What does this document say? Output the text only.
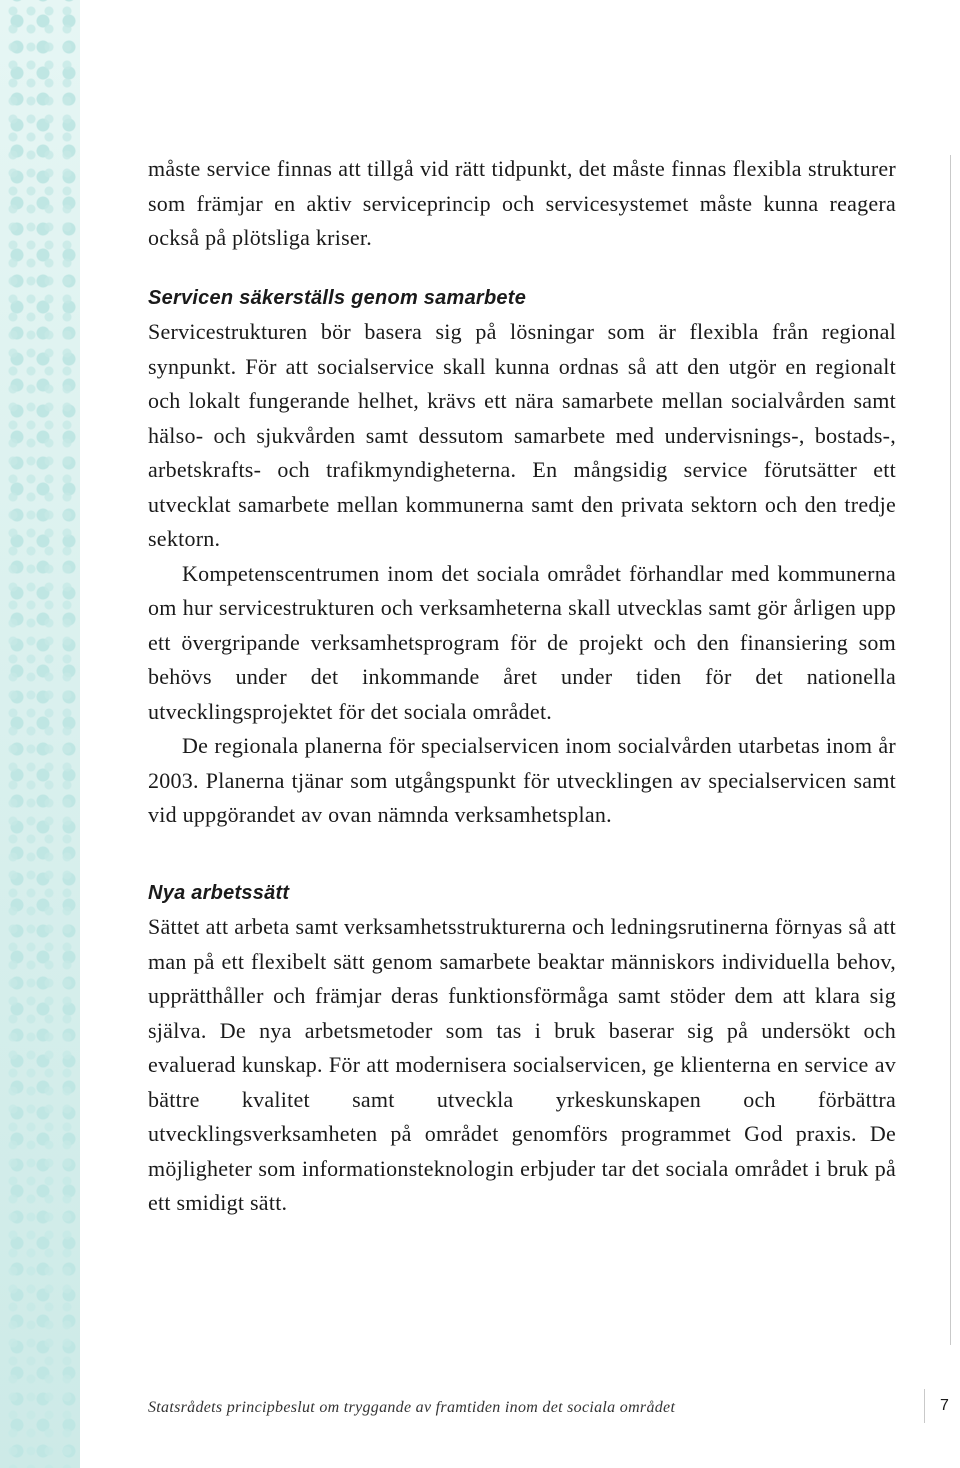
måste service finnas att tillgå vid rätt tidpunkt, det måste finnas flexibla strukturer som främjar en aktiv serviceprincip och servicesystemet måste kunna reagera också på plötsliga kriser.

Servicen säkerställs genom samarbete

Servicestrukturen bör basera sig på lösningar som är flexibla från regional synpunkt. För att socialservice skall kunna ordnas så att den utgör en regionalt och lokalt fungerande helhet, krävs ett nära samarbete mellan socialvården samt hälso- och sjukvården samt dessutom samarbete med undervisnings-, bostads-, arbetskrafts- och trafikmyndigheterna. En mångsidig service förutsätter ett utvecklat samarbete mellan kommunerna samt den privata sektorn och den tredje sektorn.

Kompetenscentrumen inom det sociala området förhandlar med kommunerna om hur servicestrukturen och verksamheterna skall utvecklas samt gör årligen upp ett övergripande verksamhetsprogram för de projekt och den finansiering som behövs under det inkommande året under tiden för det nationella utvecklingsprojektet för det sociala området.

De regionala planerna för specialservicen inom socialvården utarbetas inom år 2003. Planerna tjänar som utgångspunkt för utvecklingen av specialservicen samt vid uppgörandet av ovan nämnda verksamhetsplan.

Nya arbetssätt

Sättet att arbeta samt verksamhetsstrukturerna och ledningsrutinerna förnyas så att man på ett flexibelt sätt genom samarbete beaktar människors individuella behov, upprätthåller och främjar deras funktionsförmåga samt stöder dem att klara sig själva. De nya arbetsmetoder som tas i bruk baserar sig på undersökt och evaluerad kunskap. För att modernisera socialservicen, ge klienterna en service av bättre kvalitet samt utveckla yrkeskunskapen och förbättra utvecklingsverksamheten på området genomförs programmet God praxis. De möjligheter som informationsteknologin erbjuder tar det sociala området i bruk på ett smidigt sätt.

Statsrådets principbeslut om tryggande av framtiden inom det sociala området	7
